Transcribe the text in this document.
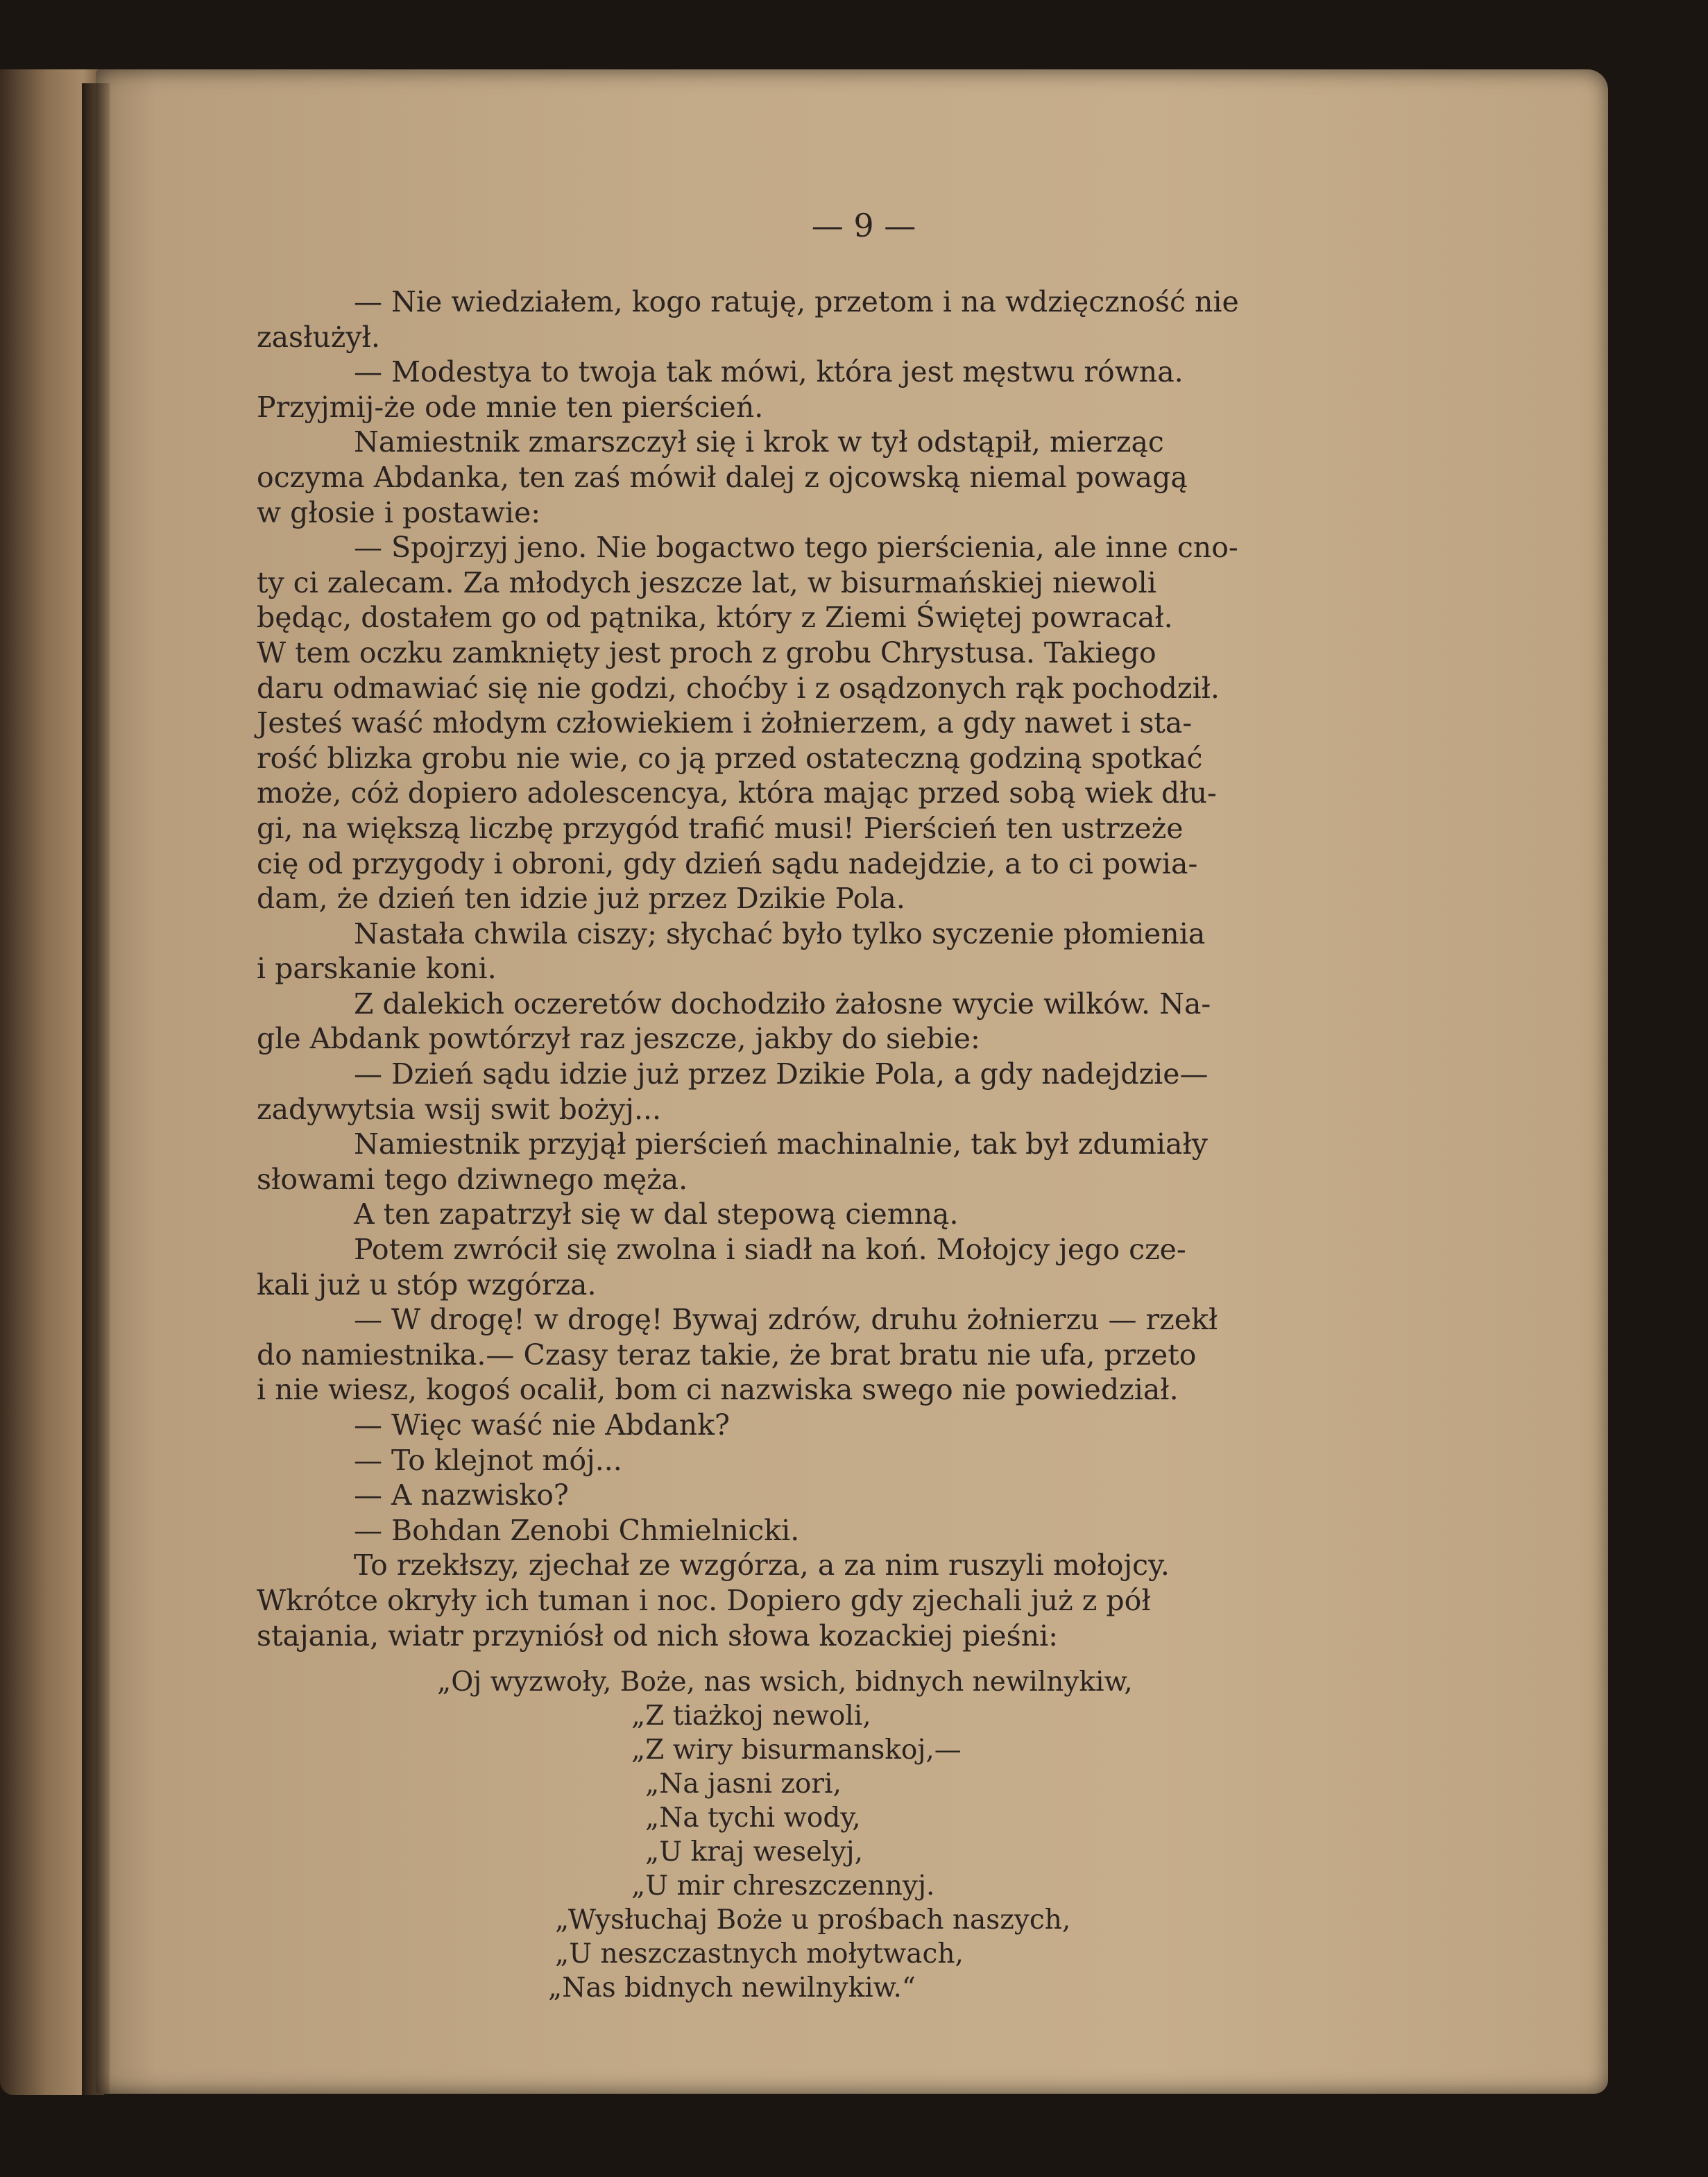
— 9 —
— Nie wiedziałem, kogo ratuję, przetom i na wdzięczność nie
zasłużył.
— Modestya to twoja tak mówi, która jest męstwu równa.
Przyjmij-że ode mnie ten pierścień.
Namiestnik zmarszczył się i krok w tył odstąpił, mierząc
oczyma Abdanka, ten zaś mówił dalej z ojcowską niemal powagą
w głosie i postawie:
— Spojrzyj jeno. Nie bogactwo tego pierścienia, ale inne cno-
ty ci zalecam. Za młodych jeszcze lat, w bisurmańskiej niewoli
będąc, dostałem go od pątnika, który z Ziemi Świętej powracał.
W tem oczku zamknięty jest proch z grobu Chrystusa. Takiego
daru odmawiać się nie godzi, choćby i z osądzonych rąk pochodził.
Jesteś waść młodym człowiekiem i żołnierzem, a gdy nawet i sta-
rość blizka grobu nie wie, co ją przed ostateczną godziną spotkać
może, cóż dopiero adolescencya, która mając przed sobą wiek dłu-
gi, na większą liczbę przygód trafić musi! Pierścień ten ustrzeże
cię od przygody i obroni, gdy dzień sądu nadejdzie, a to ci powia-
dam, że dzień ten idzie już przez Dzikie Pola.
Nastała chwila ciszy; słychać było tylko syczenie płomienia
i parskanie koni.
Z dalekich oczeretów dochodziło żałosne wycie wilków. Na-
gle Abdank powtórzył raz jeszcze, jakby do siebie:
— Dzień sądu idzie już przez Dzikie Pola, a gdy nadejdzie—
zadywytsia wsij swit bożyj...
Namiestnik przyjął pierścień machinalnie, tak był zdumiały
słowami tego dziwnego męża.
A ten zapatrzył się w dal stepową ciemną.
Potem zwrócił się zwolna i siadł na koń. Mołojcy jego cze-
kali już u stóp wzgórza.
— W drogę! w drogę! Bywaj zdrów, druhu żołnierzu — rzekł
do namiestnika.— Czasy teraz takie, że brat bratu nie ufa, przeto
i nie wiesz, kogoś ocalił, bom ci nazwiska swego nie powiedział.
— Więc waść nie Abdank?
— To klejnot mój...
— A nazwisko?
— Bohdan Zenobi Chmielnicki.
To rzekłszy, zjechał ze wzgórza, a za nim ruszyli mołojcy.
Wkrótce okryły ich tuman i noc. Dopiero gdy zjechali już z pół
stajania, wiatr przyniósł od nich słowa kozackiej pieśni:
„Oj wyzwoły, Boże, nas wsich, bidnych newilnykiw,
„Z tiażkoj newoli,
„Z wiry bisurmanskoj,—
„Na jasni zori,
„Na tychi wody,
„U kraj weselyj,
„U mir chreszczennyj.
„Wysłuchaj Boże u prośbach naszych,
„U neszczastnych mołytwach,
„Nas bidnych newilnykiw.“
